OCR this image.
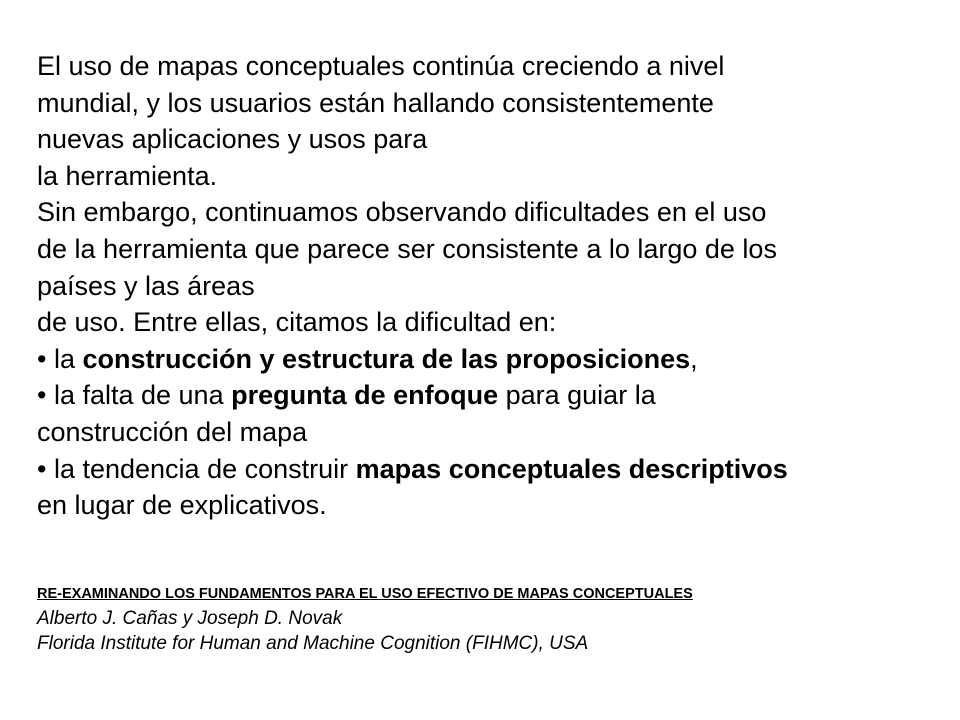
El uso de mapas conceptuales continúa creciendo a nivel

mundial, y los usuarios están hallando consistentemente

nuevas aplicaciones y usos para

la herramienta.

Sin embargo, continuamos observando dificultades en el uso

de la herramienta que parece ser consistente a lo largo de los

países y las áreas

de uso. Entre ellas, citamos la dificultad en:

• la construcción y estructura de las proposiciones,

• la falta de una pregunta de enfoque para guiar la

construcción del mapa

• la tendencia de construir mapas conceptuales descriptivos

en lugar de explicativos.

RE-EXAMINANDO LOS FUNDAMENTOS PARA EL USO EFECTIVO DE MAPAS CONCEPTUALES

Alberto J. Cañas y Joseph D. Novak

Florida Institute for Human and Machine Cognition (FIHMC), USA
